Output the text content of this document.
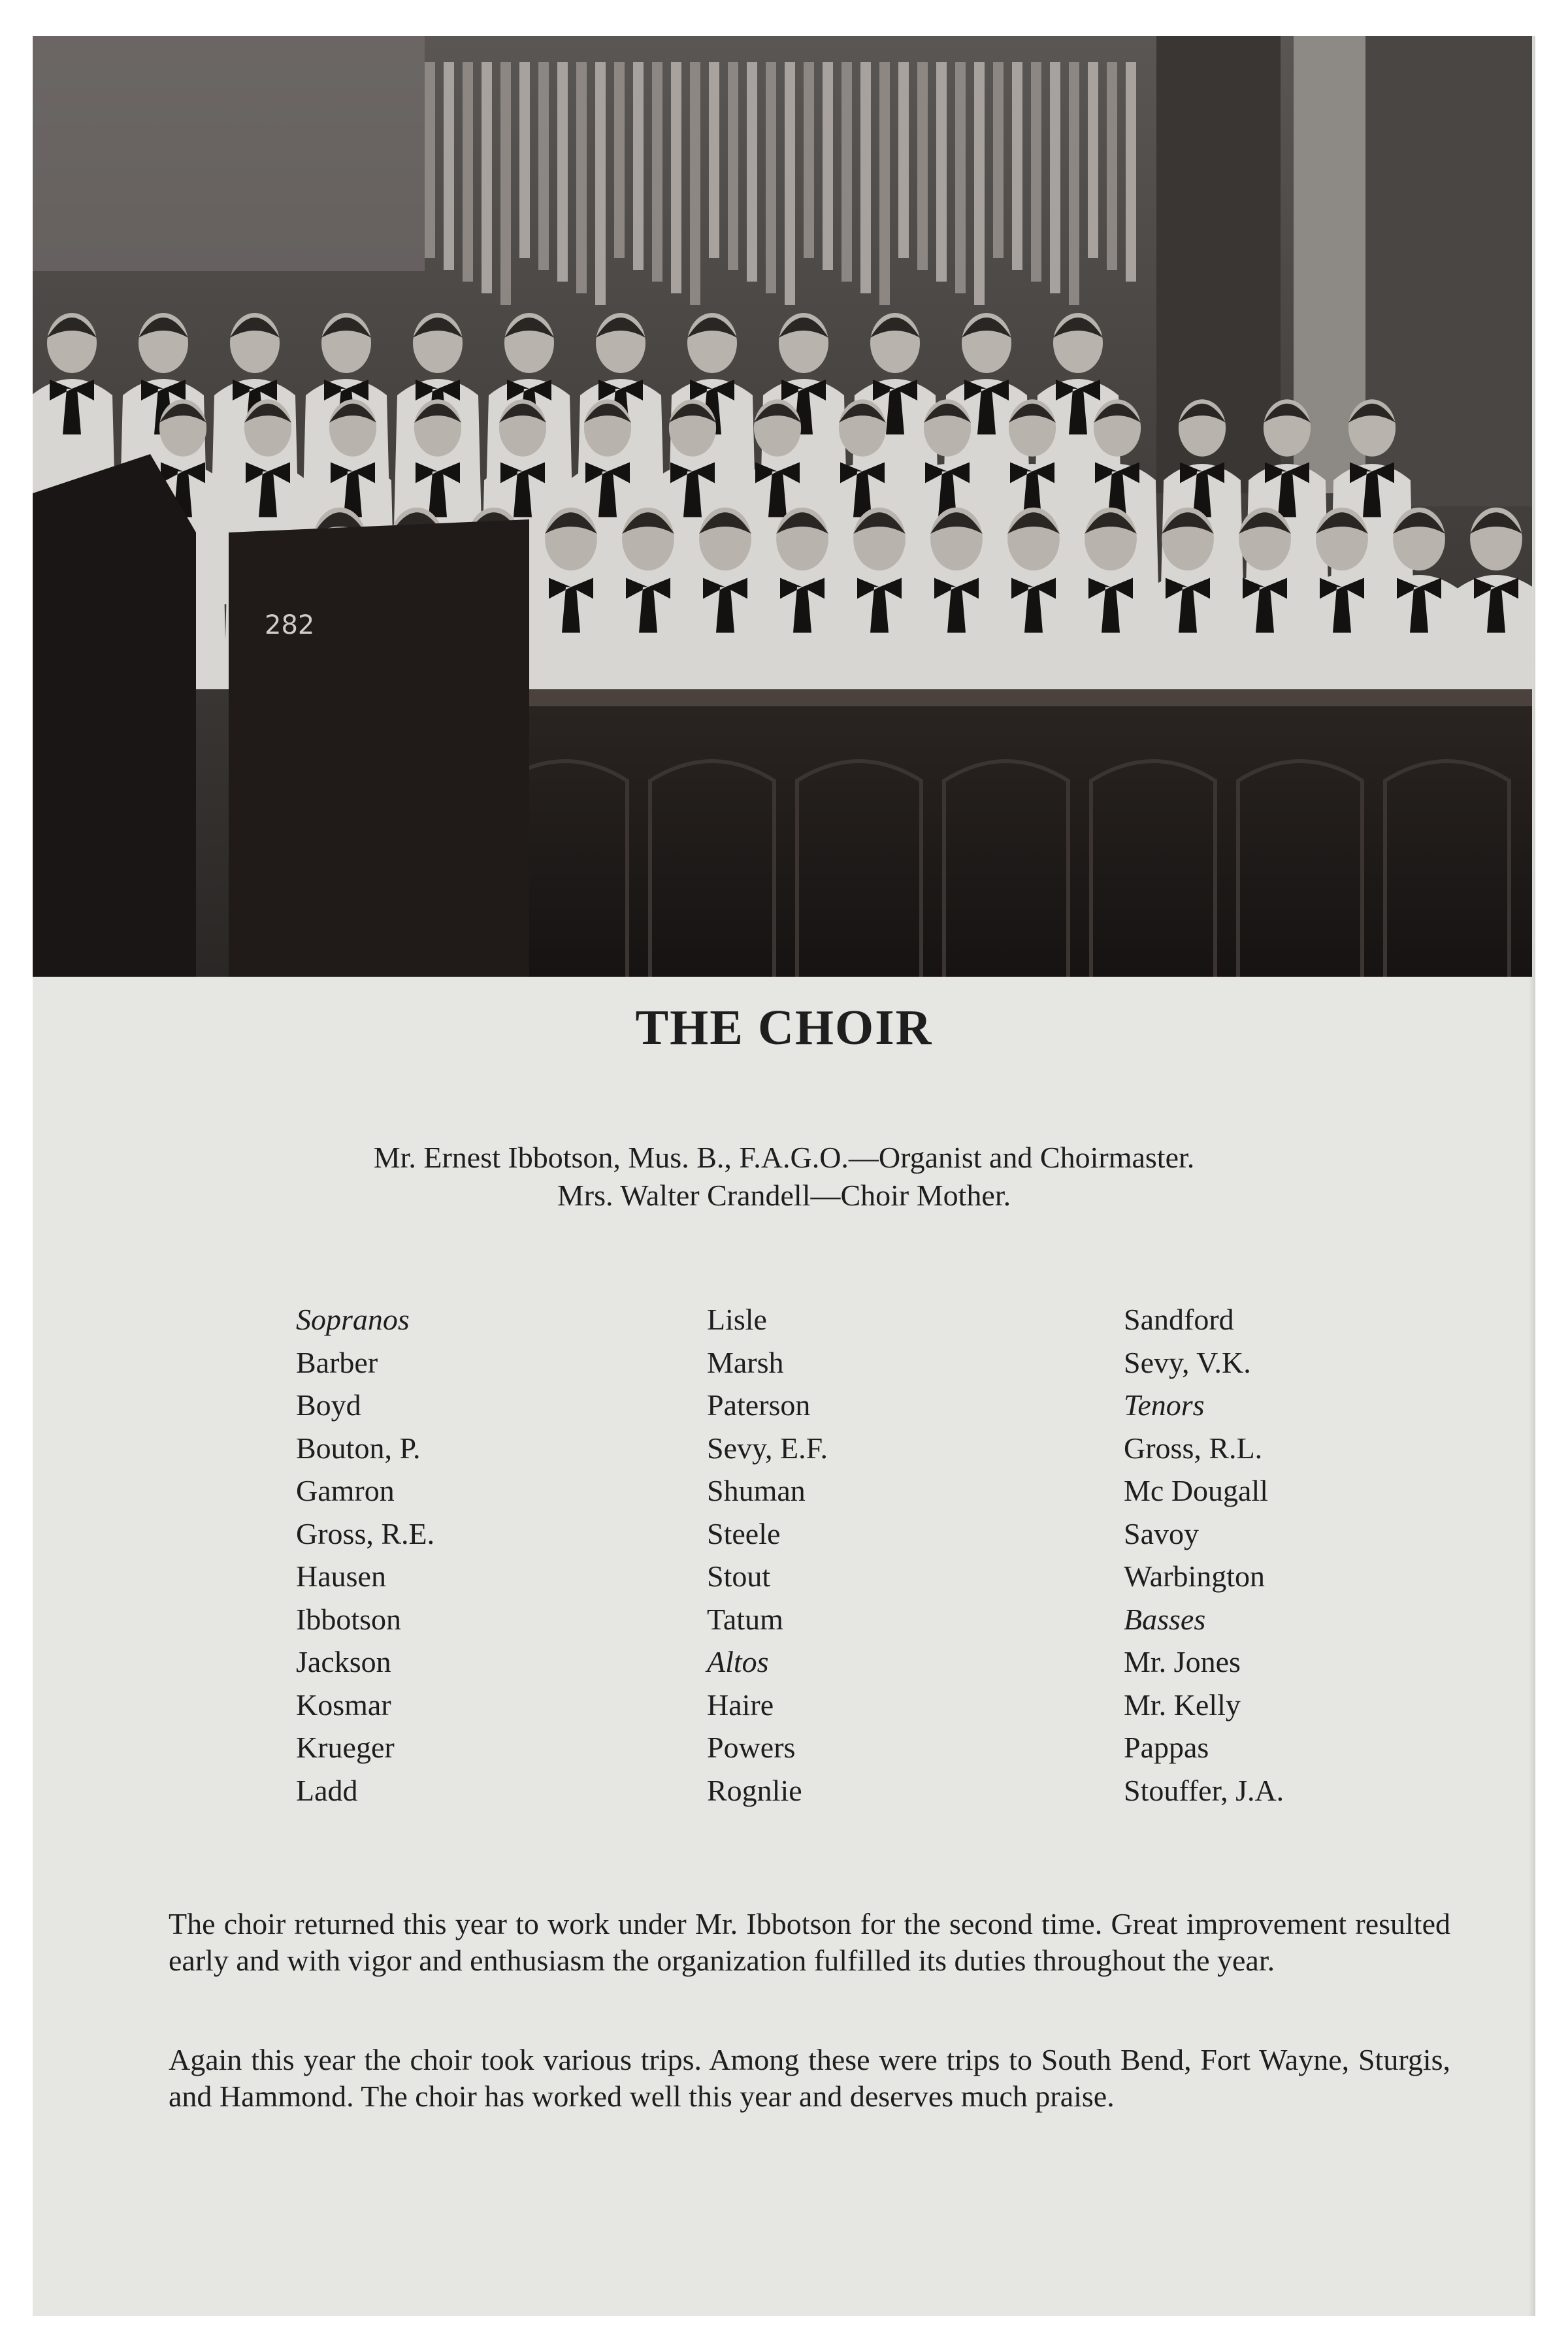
282
THE CHOIR
Mr. Ernest Ibbotson, Mus. B., F.A.G.O.—Organist and Choirmaster.
Mrs. Walter Crandell—Choir Mother.
Sopranos
Barber
Boyd
Bouton, P.
Gamron
Gross, R.E.
Hausen
Ibbotson
Jackson
Kosmar
Krueger
Ladd
Lisle
Marsh
Paterson
Sevy, E.F.
Shuman
Steele
Stout
Tatum
Altos
Haire
Powers
Rognlie
Sandford
Sevy, V.K.
Tenors
Gross, R.L.
Mc Dougall
Savoy
Warbington
Basses
Mr. Jones
Mr. Kelly
Pappas
Stouffer, J.A.

The choir returned this year to work under Mr. Ibbotson for the second time. Great improvement resulted early and with vigor and enthusiasm the organization fulfilled its duties throughout the year.

Again this year the choir took various trips. Among these were trips to South Bend, Fort Wayne, Sturgis, and Hammond. The choir has worked well this year and deserves much praise.
